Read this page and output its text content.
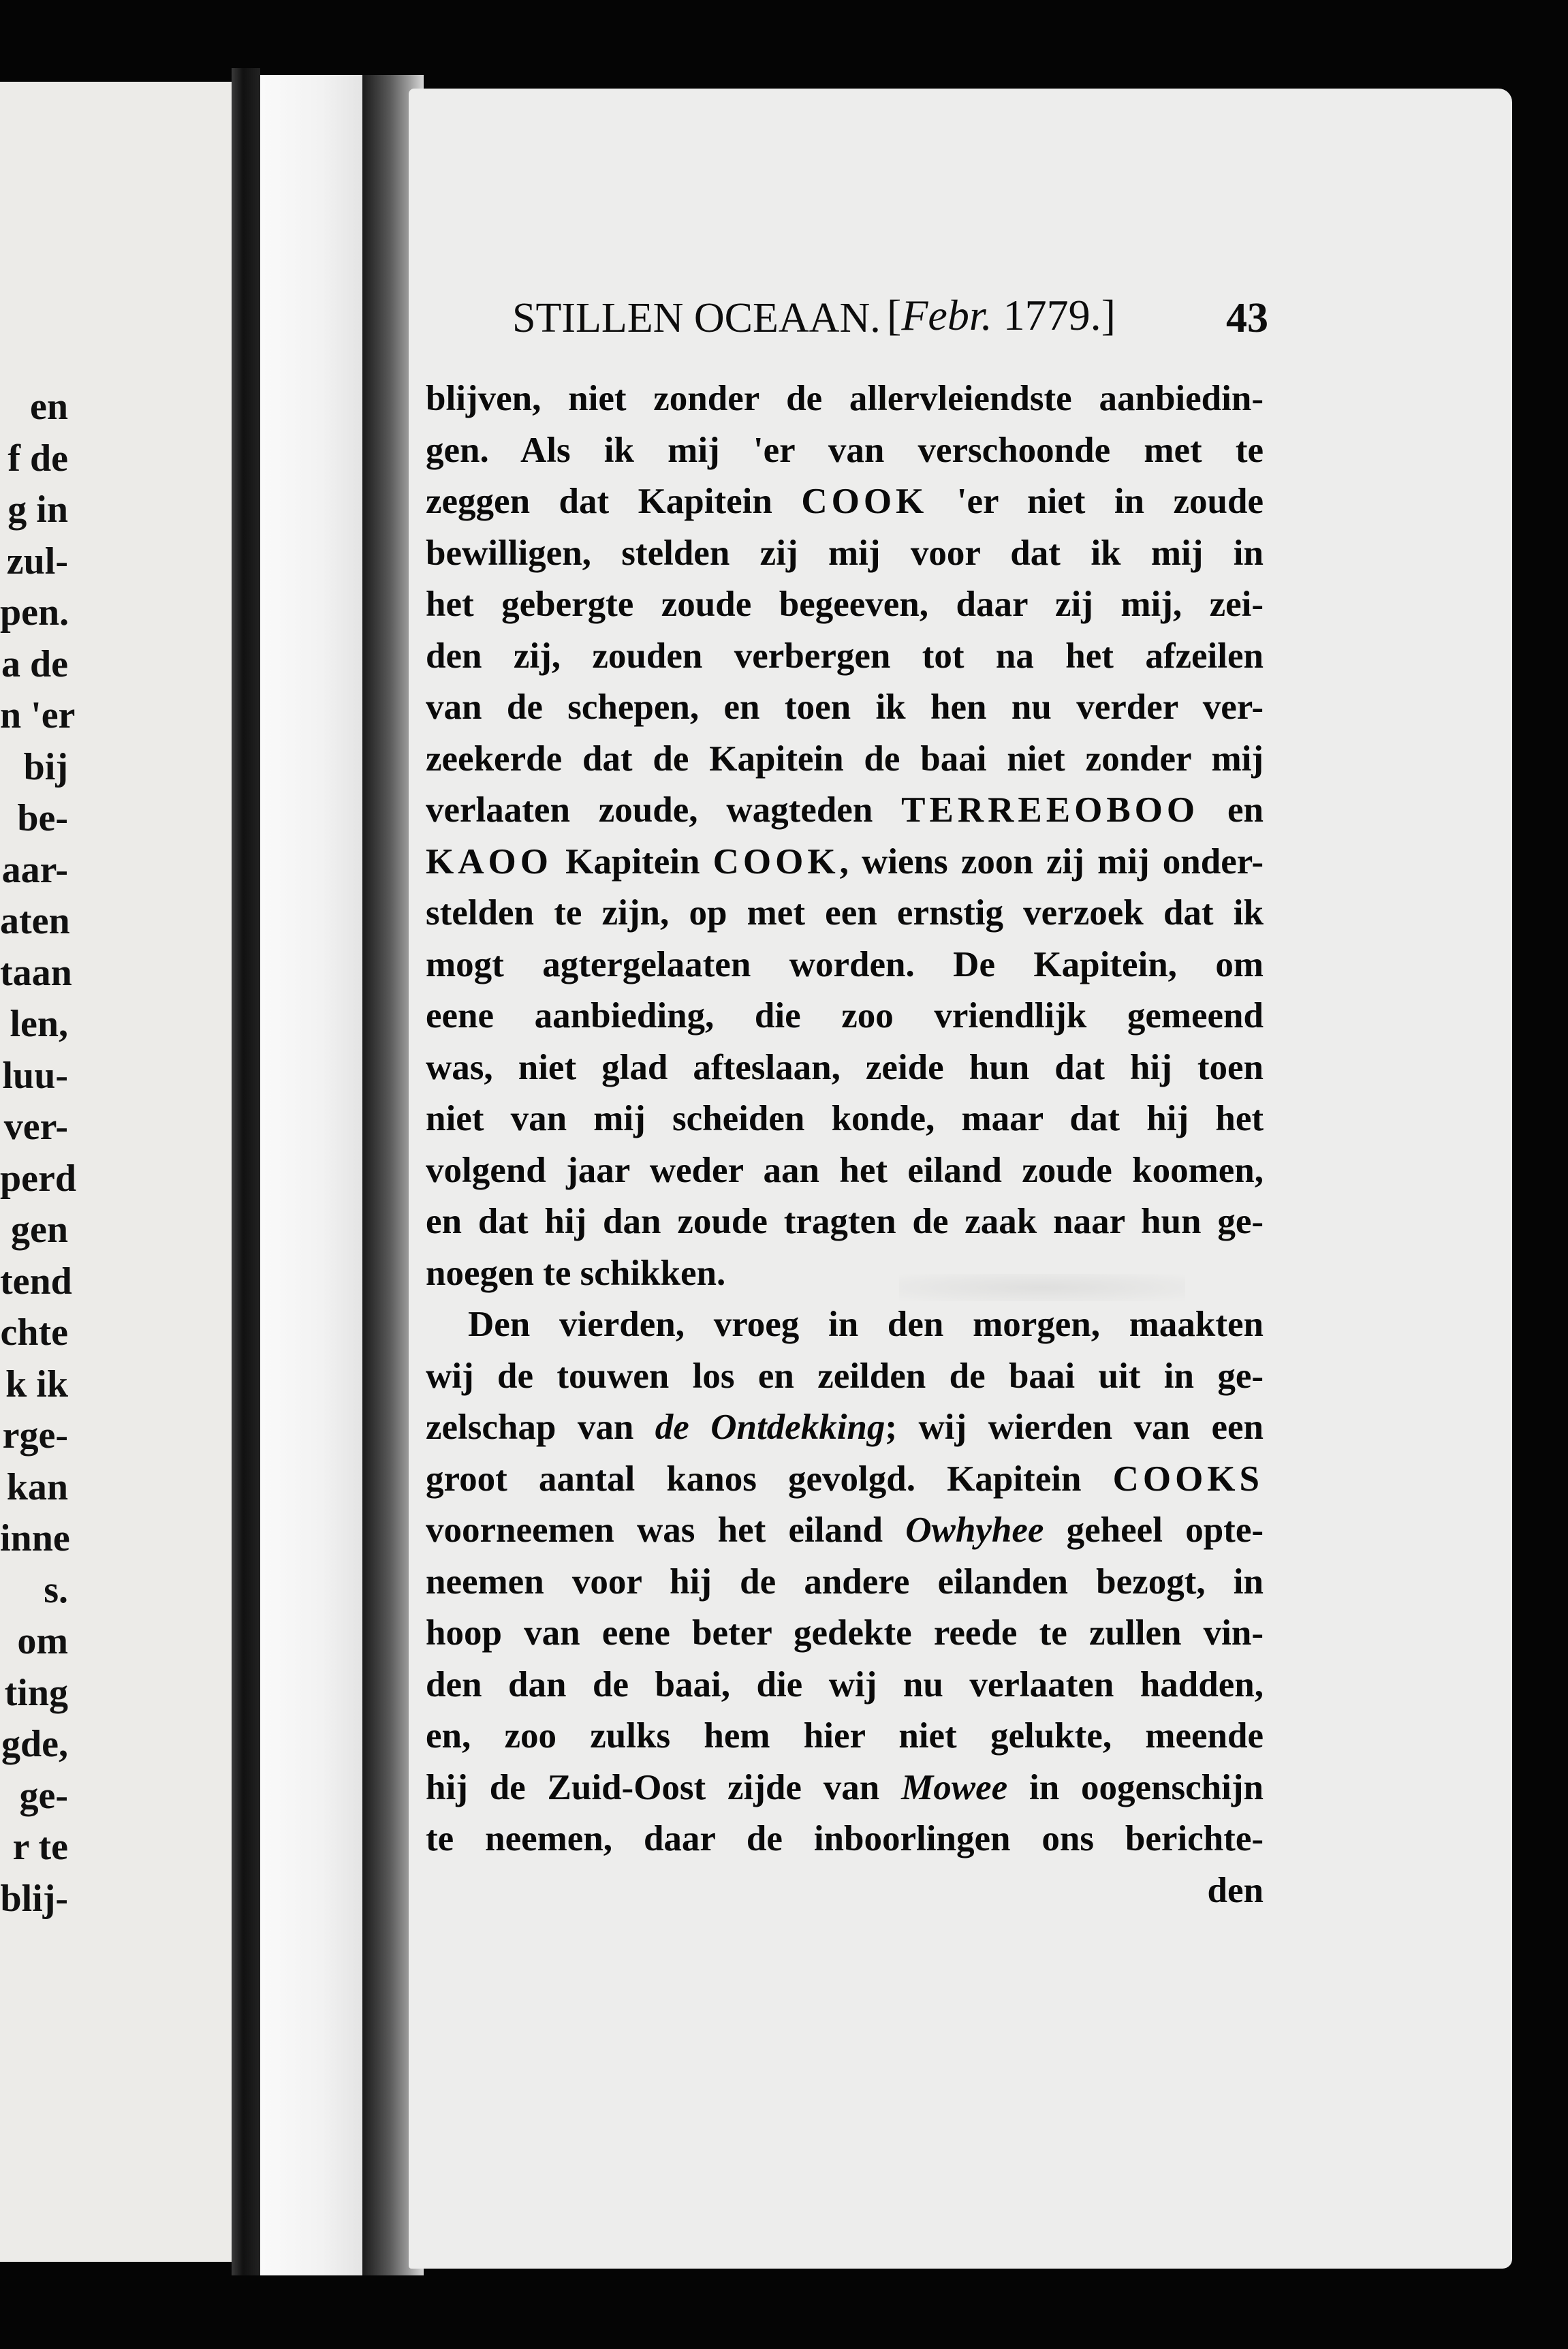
en
f de
g in
zul-
pen.
a de
n 'er
bij
be-
aar-
aten
taan
len,
luu-
ver-
perd
gen
tend
chte
k ik
rge-
kan
inne
s.
om
ting
gde,
ge-
r te
blij-
STILLEN OCEAAN. [Febr. 1779.]	43
blijven, niet zonder de allervleiendste aanbiedin-
gen. Als ik mij 'er van verschoonde met te
zeggen dat Kapitein COOK 'er niet in zoude
bewilligen, stelden zij mij voor dat ik mij in
het gebergte zoude begeeven, daar zij mij, zei-
den zij, zouden verbergen tot na het afzeilen
van de schepen, en toen ik hen nu verder ver-
zeekerde dat de Kapitein de baai niet zonder mij
verlaaten zoude, wagteden TERREEOBOO en
KAOO Kapitein COOK, wiens zoon zij mij onder-
stelden te zijn, op met een ernstig verzoek dat ik
mogt agtergelaaten worden. De Kapitein, om
eene aanbieding, die zoo vriendlijk gemeend
was, niet glad afteslaan, zeide hun dat hij toen
niet van mij scheiden konde, maar dat hij het
volgend jaar weder aan het eiland zoude koomen,
en dat hij dan zoude tragten de zaak naar hun ge-
noegen te schikken.
Den vierden, vroeg in den morgen, maakten
wij de touwen los en zeilden de baai uit in ge-
zelschap van de Ontdekking; wij wierden van een
groot aantal kanos gevolgd. Kapitein COOKS
voorneemen was het eiland Owhyhee geheel opte-
neemen voor hij de andere eilanden bezogt, in
hoop van eene beter gedekte reede te zullen vin-
den dan de baai, die wij nu verlaaten hadden,
en, zoo zulks hem hier niet gelukte, meende
hij de Zuid-Oost zijde van Mowee in oogenschijn
te neemen, daar de inboorlingen ons berichte-
den
